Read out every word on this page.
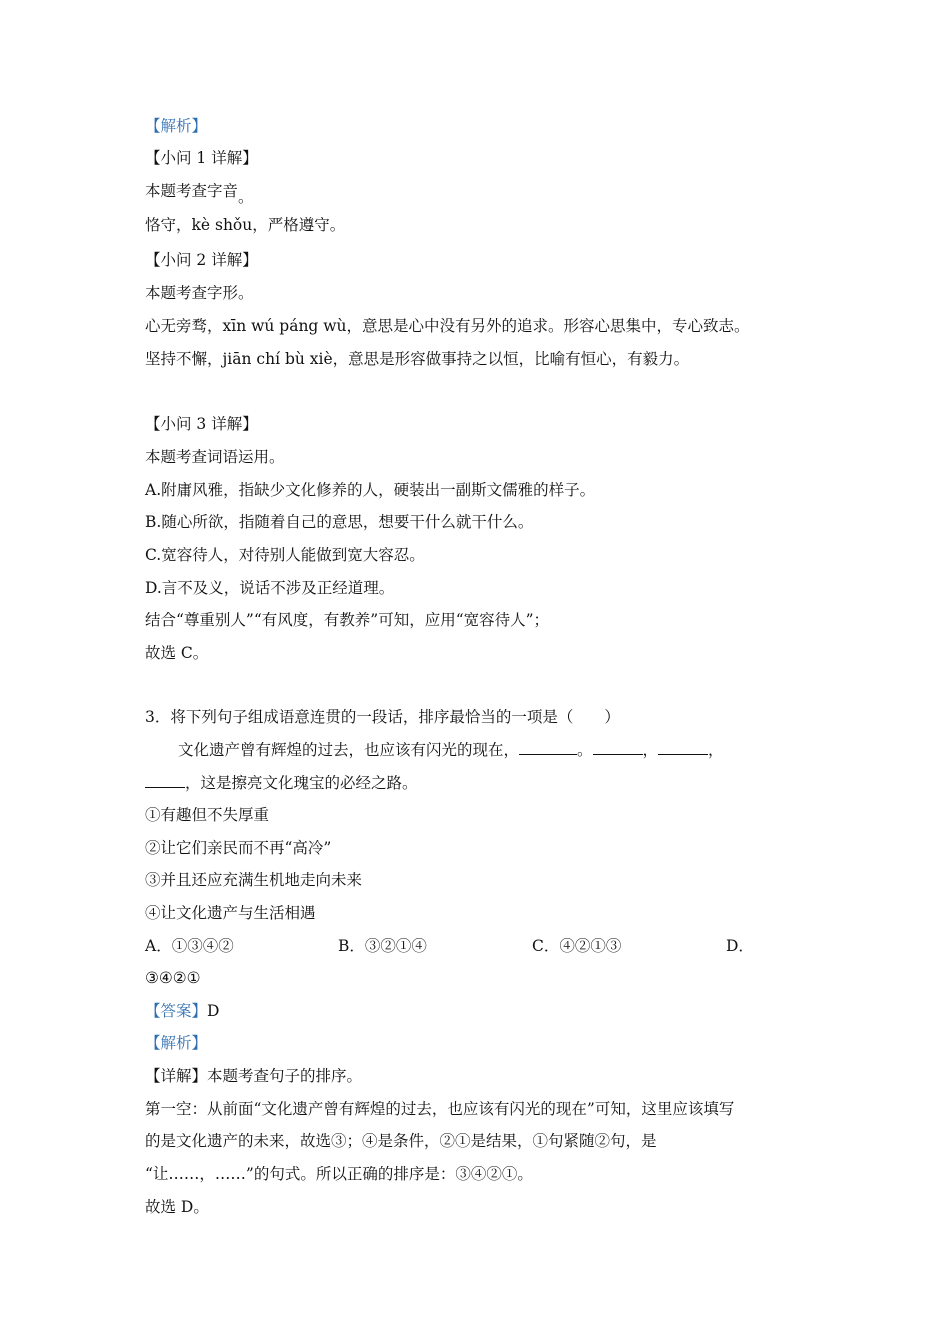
【解析】

【小问 1 详解】

本题考查字音。

恪守，kè shǒu，严格遵守。

【小问 2 详解】

本题考查字形。

心无旁骛，xīn wú páng wù，意思是心中没有另外的追求。形容心思集中，专心致志。

坚持不懈，jiān chí bù xiè，意思是形容做事持之以恒，比喻有恒心，有毅力。

【小问 3 详解】

本题考查词语运用。

A.附庸风雅，指缺少文化修养的人，硬装出一副斯文儒雅的样子。

B.随心所欲，指随着自己的意思，想要干什么就干什么。

C.宽容待人，对待别人能做到宽大容忍。

D.言不及义，说话不涉及正经道理。

结合“尊重别人”“有风度，有教养”可知，应用“宽容待人”；

故选 C。

3．将下列句子组成语意连贯的一段话，排序最恰当的一项是（　　）

文化遗产曾有辉煌的过去，也应该有闪光的现在，	。	，	，

，这是擦亮文化瑰宝的必经之路。

①有趣但不失厚重

②让它们亲民而不再“高冷”

③并且还应充满生机地走向未来

④让文化遗产与生活相遇

A．①③④②	B．③②①④	C．④②①③	D．

③④②①

【答案】D

【解析】

【详解】本题考查句子的排序。

第一空：从前面“文化遗产曾有辉煌的过去，也应该有闪光的现在”可知，这里应该填写

的是文化遗产的未来，故选③；④是条件，②①是结果，①句紧随②句，是

“让……，……”的句式。所以正确的排序是：③④②①。

故选 D。
